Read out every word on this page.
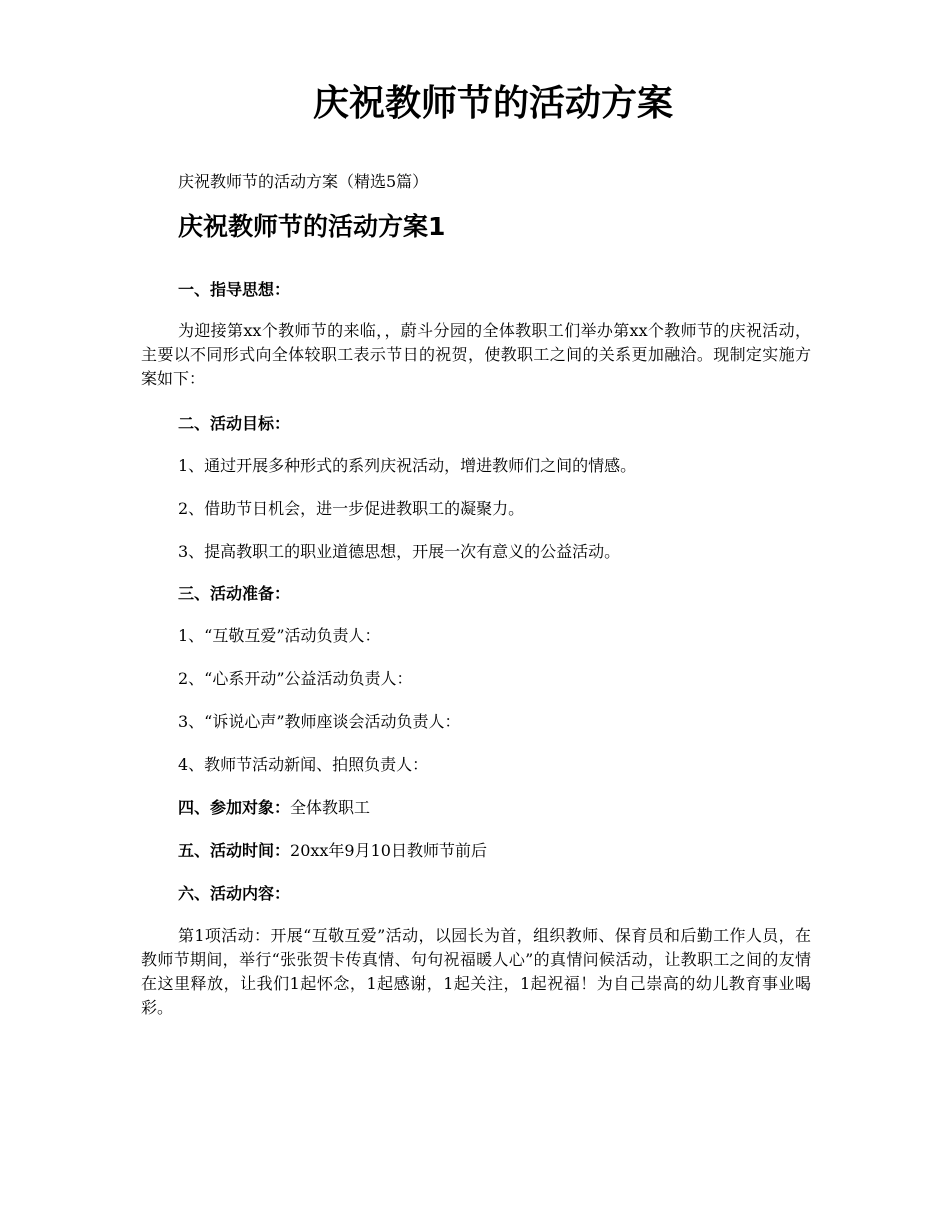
庆祝教师节的活动方案

庆祝教师节的活动方案（精选5篇）

庆祝教师节的活动方案1

一、指导思想：

为迎接第xx个教师节的来临，，蔚斗分园的全体教职工们举办第xx个教师节的庆祝活动，主要以不同形式向全体较职工表示节日的祝贺，使教职工之间的关系更加融洽。现制定实施方案如下：

二、活动目标：

1、通过开展多种形式的系列庆祝活动，增进教师们之间的情感。

2、借助节日机会，进一步促进教职工的凝聚力。

3、提高教职工的职业道德思想，开展一次有意义的公益活动。

三、活动准备：

1、“互敬互爱”活动负责人：

2、“心系开动”公益活动负责人：

3、“诉说心声”教师座谈会活动负责人：

4、教师节活动新闻、拍照负责人：

四、参加对象：全体教职工

五、活动时间：20xx年9月10日教师节前后

六、活动内容：

第1项活动：开展“互敬互爱”活动，以园长为首，组织教师、保育员和后勤工作人员，在教师节期间，举行“张张贺卡传真情、句句祝福暖人心”的真情问候活动，让教职工之间的友情在这里释放，让我们1起怀念，1起感谢，1起关注，1起祝福！为自己崇高的幼儿教育事业喝彩。
